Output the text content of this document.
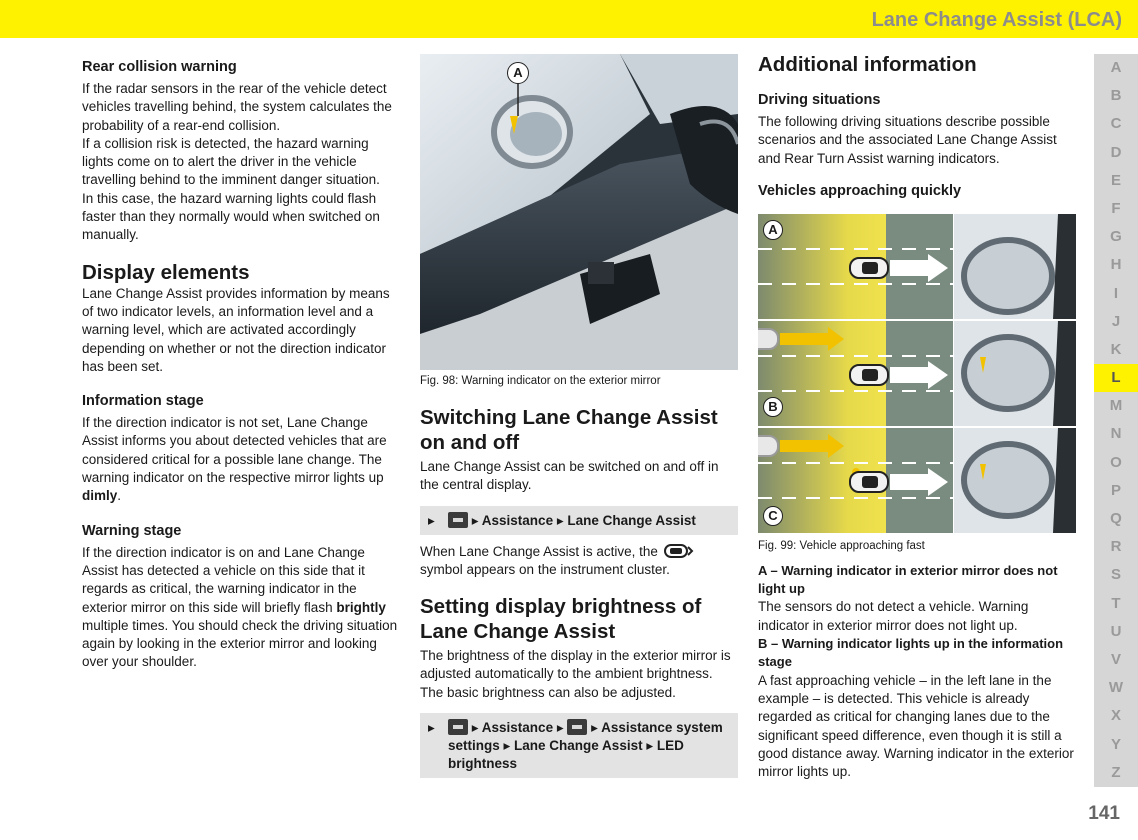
Lane Change Assist (LCA)
Rear collision warning

If the radar sensors in the rear of the vehicle detect vehicles travelling behind, the system calculates the probability of a rear-end collision.

If a collision risk is detected, the hazard warning lights come on to alert the driver in the vehicle travelling behind to the imminent danger situation.

In this case, the hazard warning lights could flash faster than they normally would when switched on manually.

Display elements

Lane Change Assist provides information by means of two indicator levels, an information level and a warning level, which are activated accordingly depending on whether or not the direction indicator has been set.

Information stage

If the direction indicator is not set, Lane Change Assist informs you about detected vehicles that are considered critical for a possible lane change. The warning indicator on the respective mirror lights up dimly.

Warning stage

If the direction indicator is on and Lane Change Assist has detected a vehicle on this side that it regards as critical, the warning indicator in the exterior mirror on this side will briefly flash brightly multiple times. You should check the driving situation again by looking in the exterior mirror and looking over your shoulder.

A

Fig. 98: Warning indicator on the exterior mirror

Switching Lane Change Assist on and off

Lane Change Assist can be switched on and off in the central display.

▸	▸ Assistance ▸ Lane Change Assist

When Lane Change Assist is active, the  symbol appears on the instrument cluster.

Setting display brightness of Lane Change Assist

The brightness of the display in the exterior mirror is adjusted automatically to the ambient brightness. The basic brightness can also be adjusted.

▸	▸ Assistance ▸  ▸ Assistance system settings ▸ Lane Change Assist ▸ LED brightness
Additional information
Driving situations

The following driving situations describe possible scenarios and the associated Lane Change Assist and Rear Turn Assist warning indicators.

Vehicles approaching quickly
A
B
C

Fig. 99: Vehicle approaching fast

A – Warning indicator in exterior mirror does not light up

The sensors do not detect a vehicle. Warning indicator in exterior mirror does not light up.

B – Warning indicator lights up in the information stage

A fast approaching vehicle – in the left lane in the example – is detected. This vehicle is already regarded as critical for changing lanes due to the significant speed difference, even though it is still a good distance away. Warning indicator in the exterior mirror lights up.

A
B
C
D
E
F
G
H
I
J
K
L
M
N
O
P
Q
R
S
T
U
V
W
X
Y
Z
141
